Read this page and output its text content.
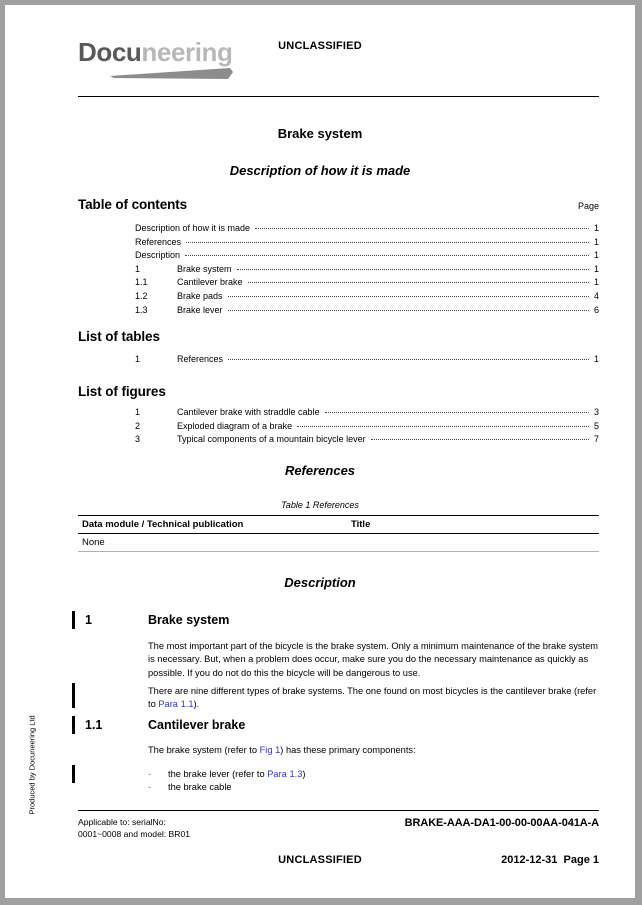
Docuneering	UNCLASSIFIED
Brake system
Description of how it is made
Table of contents	Page
Description of how it is made	1
References	1
Description	1
1	Brake system	1
1.1	Cantilever brake	1
1.2	Brake pads	4
1.3	Brake lever	6
List of tables
1	References	1
List of figures
1	Cantilever brake with straddle cable	3
2	Exploded diagram of a brake	5
3	Typical components of a mountain bicycle lever	7
References
Table 1 References
Data module / Technical publication	Title
None	
Description
1	Brake system
The most important part of the bicycle is the brake system. Only a minimum maintenance of the brake system is necessary. But, when a problem does occur, make sure you do the necessary maintenance as quickly as possible. If you do not do this the bicycle will be dangerous to use.
There are nine different types of brake systems. The one found on most bicycles is the cantilever brake (refer to Para 1.1).
1.1	Cantilever brake
The brake system (refer to Fig 1) has these primary components:
-	the brake lever (refer to Para 1.3)
-	the brake cable
Produced by Docuneering Ltd
Applicable to: serialNo:
0001~0008 and model: BR01
BRAKE-AAA-DA1-00-00-00AA-041A-A
UNCLASSIFIED	2012-12-31 Page 1
